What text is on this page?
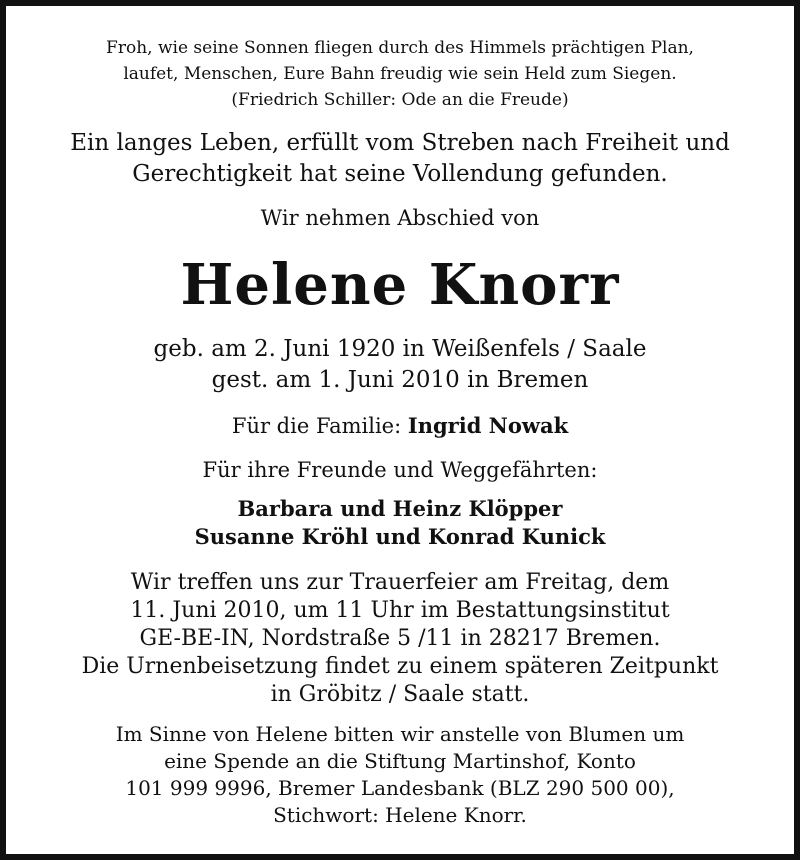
Froh, wie seine Sonnen fliegen durch des Himmels prächtigen Plan,
laufet, Menschen, Eure Bahn freudig wie sein Held zum Siegen.
(Friedrich Schiller: Ode an die Freude)
Ein langes Leben, erfüllt vom Streben nach Freiheit und
Gerechtigkeit hat seine Vollendung gefunden.
Wir nehmen Abschied von
Helene Knorr
geb. am 2. Juni 1920 in Weißenfels / Saale
gest. am 1. Juni 2010 in Bremen
Für die Familie: Ingrid Nowak
Für ihre Freunde und Weggefährten:
Barbara und Heinz Klöpper
Susanne Kröhl und Konrad Kunick
Wir treffen uns zur Trauerfeier am Freitag, dem
11. Juni 2010, um 11 Uhr im Bestattungsinstitut
GE-BE-IN, Nordstraße 5 /11 in 28217 Bremen.
Die Urnenbeisetzung findet zu einem späteren Zeitpunkt
in Gröbitz / Saale statt.
Im Sinne von Helene bitten wir anstelle von Blumen um
eine Spende an die Stiftung Martinshof, Konto
101 999 9996, Bremer Landesbank (BLZ 290 500 00),
Stichwort: Helene Knorr.
